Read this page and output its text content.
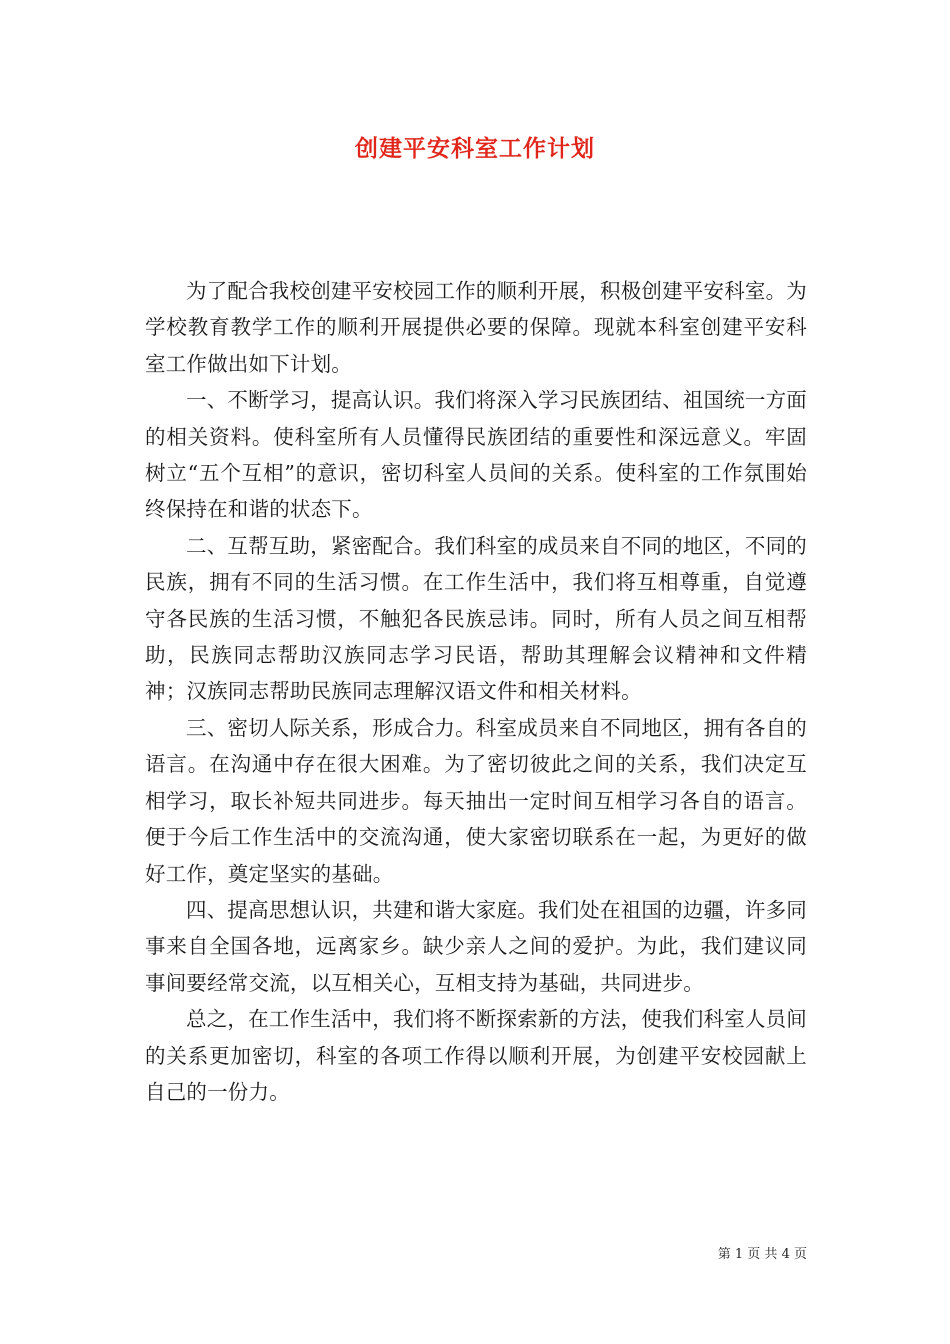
创建平安科室工作计划

为了配合我校创建平安校园工作的顺利开展，积极创建平安科室。为学校教育教学工作的顺利开展提供必要的保障。现就本科室创建平安科室工作做出如下计划。

一、不断学习，提高认识。我们将深入学习民族团结、祖国统一方面的相关资料。使科室所有人员懂得民族团结的重要性和深远意义。牢固树立“五个互相”的意识，密切科室人员间的关系。使科室的工作氛围始终保持在和谐的状态下。

二、互帮互助，紧密配合。我们科室的成员来自不同的地区，不同的民族，拥有不同的生活习惯。在工作生活中，我们将互相尊重，自觉遵守各民族的生活习惯，不触犯各民族忌讳。同时，所有人员之间互相帮助，民族同志帮助汉族同志学习民语，帮助其理解会议精神和文件精神；汉族同志帮助民族同志理解汉语文件和相关材料。

三、密切人际关系，形成合力。科室成员来自不同地区，拥有各自的语言。在沟通中存在很大困难。为了密切彼此之间的关系，我们决定互相学习，取长补短共同进步。每天抽出一定时间互相学习各自的语言。便于今后工作生活中的交流沟通，使大家密切联系在一起，为更好的做好工作，奠定坚实的基础。

四、提高思想认识，共建和谐大家庭。我们处在祖国的边疆，许多同事来自全国各地，远离家乡。缺少亲人之间的爱护。为此，我们建议同事间要经常交流，以互相关心，互相支持为基础，共同进步。

总之，在工作生活中，我们将不断探索新的方法，使我们科室人员间的关系更加密切，科室的各项工作得以顺利开展，为创建平安校园献上自己的一份力。

第 1 页 共 4 页
